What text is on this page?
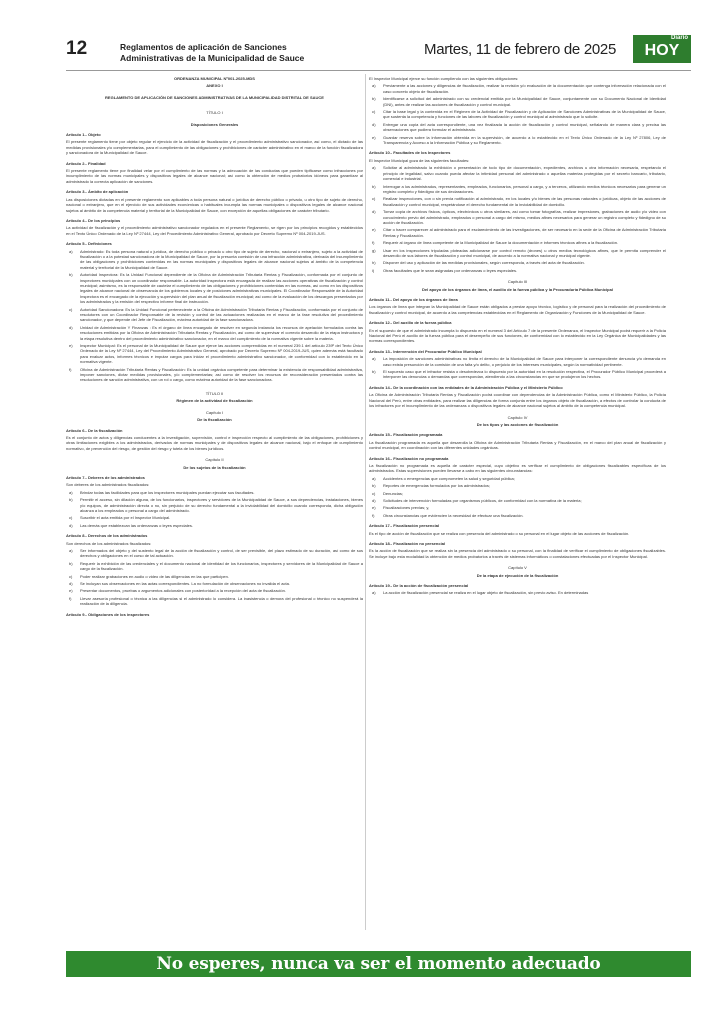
12	Reglamentos de aplicación de Sanciones
Administrativas de la Municipalidad de Sauce
Martes, 11 de febrero de 2025
Diario
HOY
ORDENANZA MUNICIPAL Nº001-2025-MDS
ANEXO I
REGLAMENTO DE APLICACIÓN DE SANCIONES ADMINISTRATIVAS DE LA MUNICIPALIDAD DISTRITAL DE SAUCE
TÍTULO I
Disposiciones Generales
Artículo 1.- Objeto
El presente reglamento tiene por objeto regular el ejercicio de la actividad de fiscalización y el procedimiento administrativo sancionador, así como, el dictado de las medidas provisionales y/o complementarias, para el cumplimiento de las obligaciones y prohibiciones de carácter administrativo en el marco de la función fiscalizadora y sancionadora de la Municipalidad de Sauce.
Artículo 2.- Finalidad
El presente reglamento tiene por finalidad velar por el cumplimiento de las normas y la adecuación de las conductas que pueden tipificarse como infracciones por incumplimiento de las normas municipales y dispositivos legales de alcance nacional; así como la obtención de medios probatorios idóneos para garantizar al administrado la correcta aplicación de sanciones.
Artículo 3.- Ámbito de aplicación
Las disposiciones dictadas en el presente reglamento son aplicables a toda persona natural o jurídica de derecho público o privado, u otro tipo de sujeto de derecho, nacional o extranjero, que en el ejercicio de sus actividades económicas o habituales incumpla las normas municipales o dispositivos legales de alcance nacional sujetos al ámbito de la competencia material y territorial de la Municipalidad de Sauce, con excepción de aquellas obligaciones de carácter tributario.
Artículo 4.- De los principios
La actividad de fiscalización y el procedimiento administrativo sancionador regulados en el presente Reglamento, se rigen por los principios recogidos y establecidos en el Texto Único Ordenado de la Ley Nº 27444, Ley del Procedimiento Administrativo General, aprobado por Decreto Supremo Nº 004-2019-JUS.
Artículo 5.- Definiciones
a)	Administrado: Es toda persona natural o jurídica, de derecho público o privado u otro tipo de sujeto de derecho, nacional o extranjero, sujeto a la actividad de fiscalización o a la potestad sancionadora de la Municipalidad de Sauce, por la presunta comisión de una infracción administrativa, derivada del incumplimiento de las obligaciones y prohibiciones contenidas en las normas municipales y dispositivos legales de alcance nacional sujetos al ámbito de la competencia material y territorial de la Municipalidad de Sauce.
b)	Autoridad Inspectora: Es la Unidad Funcional dependiente de la Oficina de Administración Tributaria Rentas y Fiscalización, conformada por el conjunto de inspectores municipales con un coordinador responsable. La autoridad inspectora está encargada de realizar las acciones operativas de fiscalización y control municipal; asimismo, es la responsable de cautelar el cumplimiento de las obligaciones y prohibiciones contenidas en las normas, así como en los dispositivos legales de alcance nacional de observancia de los gobiernos locales y de posiciones administrativas municipales. El Coordinador Responsable de la Autoridad Inspectora es el encargado de la ejecución y supervisión del plan anual de fiscalización municipal; así como de la evaluación de los descargos presentados por los administrados y la emisión del respectivo informe final de instrucción.
c)	Autoridad Sancionadora: Es la Unidad Funcional perteneciente a la Oficina de Administración Tributaria Rentas y Fiscalización, conformada por el conjunto de resolutores con un Coordinador Responsable de la revisión y control de las actuaciones realizadas en el marco de la fase resolutiva del procedimiento sancionador, y que depende del Jefe de Fiscalización, máxima autoridad de la fase sancionadora.
d)	Unidad de Administración Y Finanzas : Es el órgano de línea encargado de resolver en segunda instancia los recursos de apelación formulados contra las resoluciones emitidas por la Oficina de Administración Tributaria Rentas y Fiscalización, así como de supervisar el correcto desarrollo de la etapa instructora y la etapa resolutiva dentro del procedimiento administrativo sancionador, en el marco del cumplimiento de la normativa vigente sobre la materia.
e)	Inspector Municipal: Es el personal de la Municipalidad de Sauce que ejerce las acciones comprendidas en el numeral 239.1 del artículo 239º del Texto Único Ordenado de la Ley Nº 27444, Ley del Procedimiento Administrativo General, aprobado por Decreto Supremo Nº 004-2019-JUS, quien además está facultado para evaluar actos, informes técnicos e imputar cargos para iniciar el procedimiento administrativo sancionador, de conformidad con lo establecido en la normativa vigente.
f)	Oficina de Administración Tributaria Rentas y Fiscalización: Es la unidad orgánica competente para determinar la existencia de responsabilidad administrativa, imponer sanciones, dictar medidas provisionales, y/o complementarias; así como de resolver los recursos de reconsideración presentados contra las resoluciones de sanción administrativa, con un rol o cargo, como máxima autoridad de la fase sancionadora.
TÍTULO II
Régimen de la actividad de fiscalización
Capítulo I
De la fiscalización
Artículo 6.- De la fiscalización
Es el conjunto de actos y diligencias conducentes a la investigación, supervisión, control e inspección respecto al cumplimiento de las obligaciones, prohibiciones y otras limitaciones exigibles a los administrados, derivados de normas municipales y de dispositivos legales de alcance nacional, bajo el enfoque de cumplimiento normativo, de prevención del riesgo, de gestión del riesgo y tutela de los bienes jurídicos.
Capítulo II
De los sujetos de la fiscalización
Artículo 7.- Deberes de los administrados
Son deberes de los administrados fiscalizados:
a)	Brindar todas las facilidades para que los inspectores municipales puedan ejecutar sus facultades.
b)	Permitir el acceso, sin dilación alguna, de los funcionarios, inspectores y servidores de la Municipalidad de Sauce, a sus dependencias, instalaciones, bienes y/o equipos, de administración directa o no, sin perjuicio de su derecho fundamental a la inviolabilidad del domicilio cuando corresponda, dicha obligación alcanza a los empleados o personal a cargo del administrado.
c)	Suscribir el acta emitida por el Inspector Municipal.
d)	Las demás que establezcan las ordenanzas o leyes especiales.
Artículo 8.- Derechos de los administrados
Son derechos de los administrados fiscalizados:
a)	Ser informados del objeto y del sustento legal de la acción de fiscalización y control, de ser previsible, del plazo estimado de su duración, así como de sus derechos y obligaciones en el curso de tal actuación.
b)	Requerir la exhibición de las credenciales y el documento nacional de identidad de los funcionarios, inspectores y servidores de la Municipalidad de Sauce a cargo de la fiscalización.
c)	Poder realizar grabaciones en audio o video de las diligencias en las que participen.
d)	Se incluyan sus observaciones en las actas correspondientes. La no formulación de observaciones no invalida el acta.
e)	Presentar documentos, pruebas o argumentos adicionales con posterioridad a la recepción del acta de fiscalización.
f)	Llevar asesoría profesional o técnica a las diligencias si el administrado lo considera. La inasistencia o demora del profesional o técnico no suspenderá la realización de la diligencia.
Artículo 9.- Obligaciones de los inspectores
El Inspector Municipal ejerce su función cumpliendo con las siguientes obligaciones:
a)	Previamente a las acciones y diligencias de fiscalización, realizar la revisión y/o evaluación de la documentación que contenga información relacionada con el caso concreto objeto de fiscalización.
b)	Identificarse a solicitud del administrado con su credencial emitida por la Municipalidad de Sauce, conjuntamente con su Documento Nacional de Identidad (DNI), antes de realizar las acciones de fiscalización y control municipal.
c)	Citar la base legal y la contenida en el Régimen de la Actividad de Fiscalización y de Aplicación de Sanciones Administrativas de la Municipalidad de Sauce, que sustenta la competencia y funciones de las labores de fiscalización y control municipal al administrado que lo solicite.
d)	Entregar una copia del acta correspondiente, una vez finalizada la acción de fiscalización y control municipal, señalando de manera clara y precisa las observaciones que pudiera formular el administrado.
e)	Guardar reserva sobre la información obtenida en la supervisión, de acuerdo a lo establecido en el Texto Único Ordenado de la Ley Nº 27806, Ley de Transparencia y Acceso a la Información Pública y su Reglamento.
Artículo 10.- Facultades de los Inspectores
El Inspector Municipal goza de las siguientes facultades:
a)	Solicitar al administrado la exhibición o presentación de todo tipo de documentación, expedientes, archivos u otra información necesaria, respetando el principio de legalidad, salvo cuando pueda afectar la intimidad personal del administrado o aquellas materias protegidas por el secreto bancario, tributario, comercial e industrial.
b)	Interrogar a los administrados, representantes, empleados, funcionarios, personal a cargo, y a terceros, utilizando medios técnicos necesarios para generar un registro completo y fidedigno de sus declaraciones.
c)	Realizar inspecciones, con o sin previa notificación al administrado, en los locales y/o bienes de las personas naturales o jurídicas, objeto de las acciones de fiscalización y control municipal, respetándose el derecho fundamental de la inviolabilidad de domicilio.
d)	Tomar copia de archivos físicos, ópticos, electrónicos u otros similares, así como tomar fotografías, realizar impresiones, grabaciones de audio y/o video con conocimiento previo del administrado, empleados o personal a cargo del mismo, medios afines necesarios para generar un registro completo y fidedigno de su acción de fiscalización.
e)	Citar o hacer comparecer al administrado para el esclarecimiento de las investigaciones, de ser necesario en la sede de la Oficina de Administración Tributaria Rentas y Fiscalización.
f)	Requerir al órgano de línea competente de la Municipalidad de Sauce la documentación e informes técnicos afines a la fiscalización.
g)	Usar en los inspecciones tripuladas ploteadas adicionarse por control remoto (drones) u otros medios tecnológicos afines, que le permita comprender el desarrollo de sus labores de fiscalización y control municipal, de acuerdo a la normativa nacional y municipal vigente.
h)	Disponer del uso y aplicación de las medidas provisionales, según corresponda, a través del acta de fiscalización.
i)	Otras facultades que le sean asignadas por ordenanzas o leyes especiales.
Capítulo III
Del apoyo de los órganos de línea, el auxilio de la fuerza pública y la Procuraduría Pública Municipal
Artículo 11.- Del apoyo de los órganos de línea
Los órganos de línea que integran la Municipalidad de Sauce están obligados a prestar apoyo técnico, logístico y de personal para la realización del procedimiento de fiscalización y control municipal, de acuerdo a las competencias establecidas en el Reglamento de Organización y Funciones de la Municipalidad de Sauce.
Artículo 12.- Del auxilio de la fuerza pública
En el supuesto de que el administrado incumpla lo dispuesto en el numeral 3 del Artículo 7 de la presente Ordenanza, el Inspector Municipal podrá requerir a la Policía Nacional del Perú el auxilio de la fuerza pública para el desempeño de sus funciones, de conformidad con lo establecido en la Ley Orgánica de Municipalidades y las normas correspondientes.
Artículo 13.- Intervención del Procurador Público Municipal
a)	La imposición de sanciones administrativas no limita el derecho de la Municipalidad de Sauce para interponer la correspondiente denuncia y/o demanda en caso exista presunción de la comisión de una falta y/o delito, o perjuicio de los intereses municipales, según la normatividad pertinente.
b)	El supuesto caso que el infractor resista o desobedezca lo dispuesto por la autoridad en la resolución respectiva, el Procurador Público Municipal procederá a interponer las denuncias o demandas que correspondan, atendiendo a las circunstancias en que se produjeron los hechos.
Artículo 14.- De la coordinación con las entidades de la Administración Pública y el Ministerio Público
La Oficina de Administración Tributaria Rentas y Fiscalización podrá coordinar con dependencias de la Administración Pública, como el Ministerio Público, la Policía Nacional del Perú, entre otras entidades, para realizar las diligencias de forma conjunta entre los órganos objeto de fiscalización, a efectos de controlar la conducta de los infractores por el incumplimiento de las ordenanzas o dispositivos legales de alcance nacional sujetos al ámbito de la competencia municipal.
Capítulo IV
De los tipos y las acciones de fiscalización
Artículo 15.- Fiscalización programada
La fiscalización programada es aquella que desarrolla la Oficina de Administración Tributaria Rentas y Fiscalización, en el marco del plan anual de fiscalización y control municipal, en coordinación con las diferentes unidades orgánicas.
Artículo 16.- Fiscalización no programada
La fiscalización no programada es aquella de carácter especial, cuyo objetivo es verificar el cumplimiento de obligaciones fiscalizables específicas de los administrados. Estas supervisiones pueden llevarse a cabo en las siguientes circunstancias:
a)	Accidentes o emergencias que comprometen la salud y seguridad pública;
b)	Reportes de emergencias formulados por los administrados;
c)	Denuncias;
d)	Solicitudes de intervención formuladas por organismos públicos, de conformidad con la normativa de la materia;
e)	Fiscalizaciones previas; y,
f)	Otras circunstancias que evidencien la necesidad de efectuar una fiscalización.
Artículo 17.- Fiscalización presencial
Es el tipo de acción de fiscalización que se realiza con presencia del administrado o su personal en el lugar objeto de las acciones de fiscalización.
Artículo 18.- Fiscalización no presencial
Es la acción de fiscalización que se realiza sin la presencia del administrado o su personal, con la finalidad de verificar el cumplimiento de obligaciones fiscalizables. Se incluye bajo esta modalidad la obtención de medios probatorios a través de sistemas informáticos o constataciones efectuadas por el Inspector Municipal.
Capítulo V
De la etapa de ejecución de la fiscalización
Artículo 19.- De la acción de fiscalización presencial
a)	La acción de fiscalización presencial se realiza en el lugar objeto de fiscalización, sin previo aviso. En determinadas
No esperes, nunca va ser el momento adecuado
